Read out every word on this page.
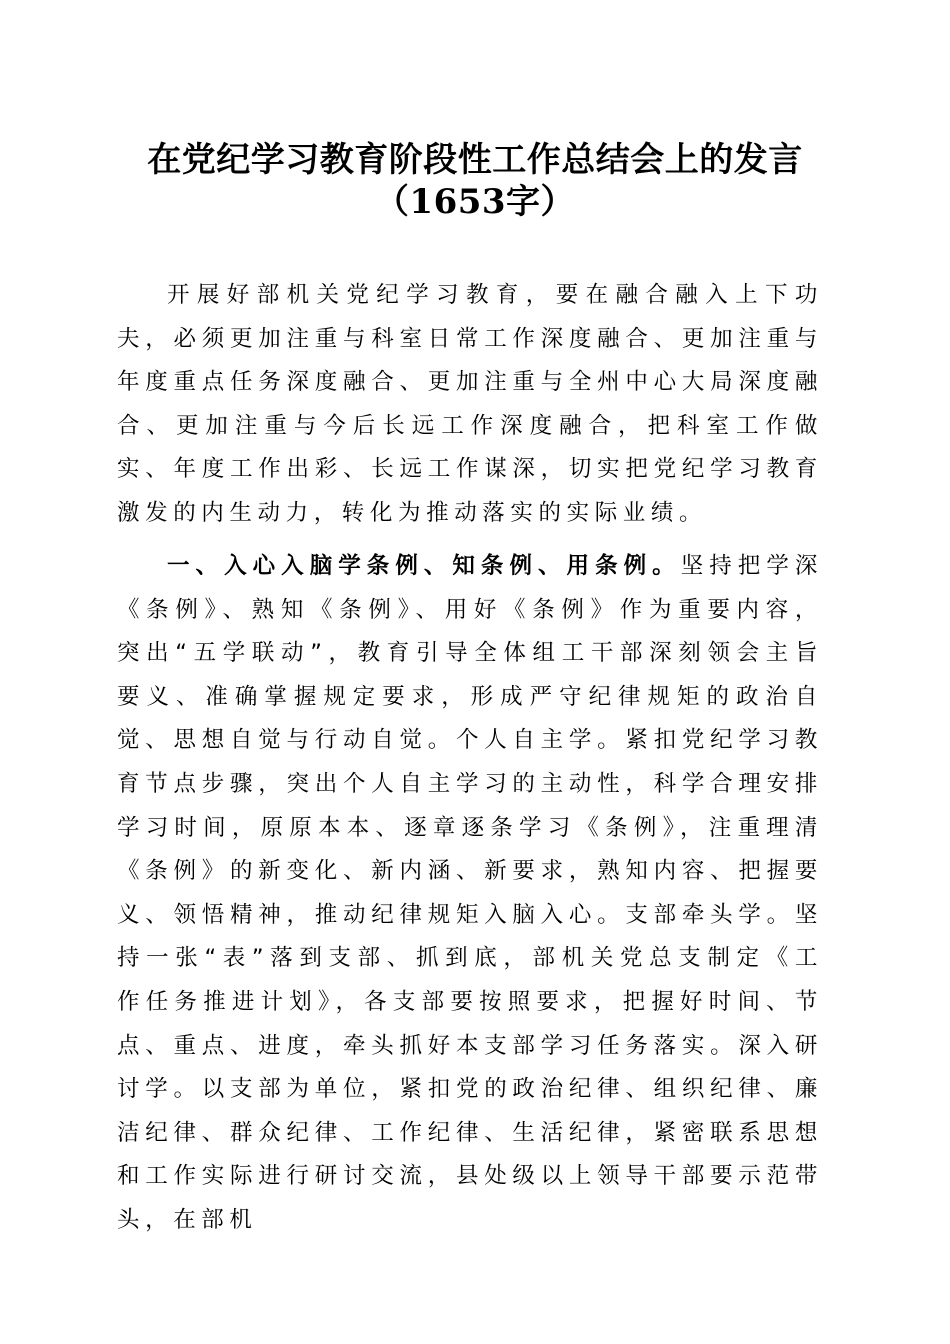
在党纪学习教育阶段性工作总结会上的发言
（1653字）

开展好部机关党纪学习教育，要在融合融入上下功夫，必须更加注重与科室日常工作深度融合、更加注重与年度重点任务深度融合、更加注重与全州中心大局深度融合、更加注重与今后长远工作深度融合，把科室工作做实、年度工作出彩、长远工作谋深，切实把党纪学习教育激发的内生动力，转化为推动落实的实际业绩。

一、入心入脑学条例、知条例、用条例。坚持把学深《条例》、熟知《条例》、用好《条例》作为重要内容，突出“五学联动”，教育引导全体组工干部深刻领会主旨要义、准确掌握规定要求，形成严守纪律规矩的政治自觉、思想自觉与行动自觉。个人自主学。紧扣党纪学习教育节点步骤，突出个人自主学习的主动性，科学合理安排学习时间，原原本本、逐章逐条学习《条例》，注重理清《条例》的新变化、新内涵、新要求，熟知内容、把握要义、领悟精神，推动纪律规矩入脑入心。支部牵头学。坚持一张“表”落到支部、抓到底，部机关党总支制定《工作任务推进计划》，各支部要按照要求，把握好时间、节点、重点、进度，牵头抓好本支部学习任务落实。深入研讨学。以支部为单位，紧扣党的政治纪律、组织纪律、廉洁纪律、群众纪律、工作纪律、生活纪律，紧密联系思想和工作实际进行研讨交流，县处级以上领导干部要示范带头，在部机
